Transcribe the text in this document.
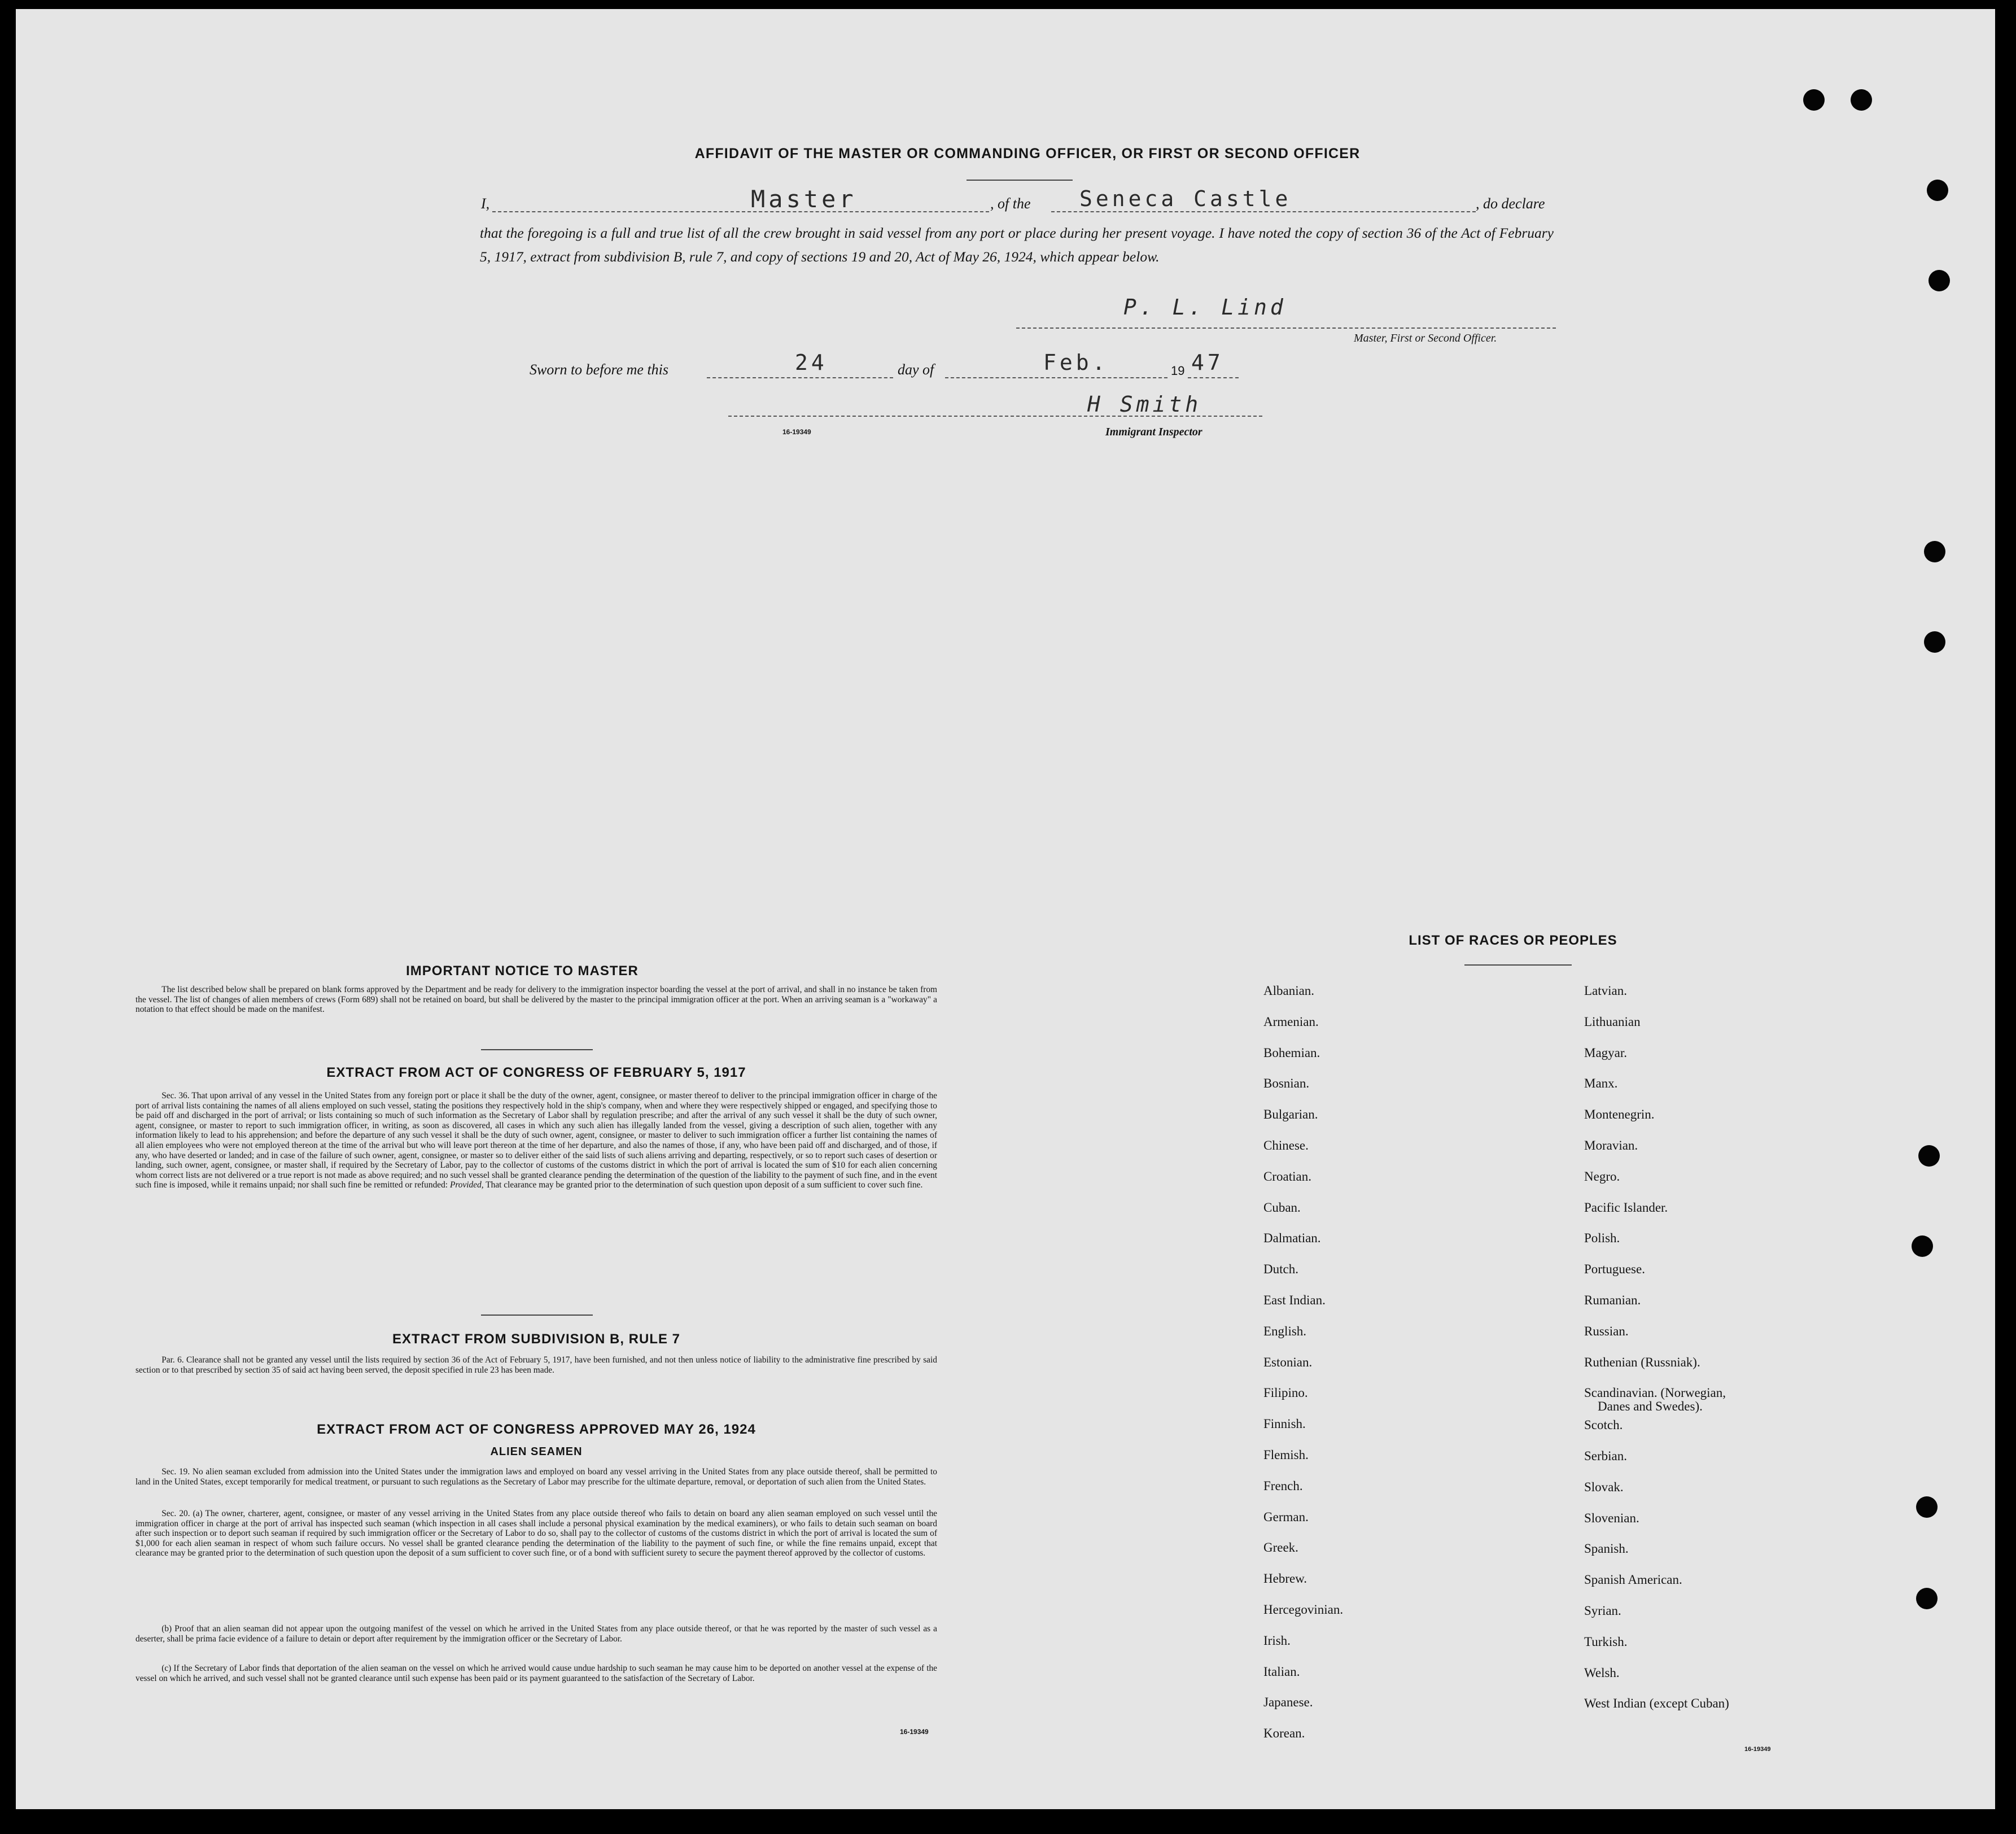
AFFIDAVIT OF THE MASTER OR COMMANDING OFFICER, OR FIRST OR SECOND OFFICER
I,	Master	, of the Seneca Castle	, do declare
that the foregoing is a full and true list of all the crew brought in said vessel from any port or place during her present voyage. I have noted the copy of section 36 of the Act of February 5, 1917, extract from subdivision B, rule 7, and copy of sections 19 and 20, Act of May 26, 1924, which appear below.
P. L. Lind
Master, First or Second Officer.
Sworn to before me this	24	day of	Feb.	19 47
H Smith
16-19349	Immigrant Inspector
IMPORTANT NOTICE TO MASTER
The list described below shall be prepared on blank forms approved by the Department and be ready for delivery to the immigration inspector boarding the vessel at the port of arrival, and shall in no instance be taken from the vessel. The list of changes of alien members of crews (Form 689) shall not be retained on board, but shall be delivered by the master to the principal immigration officer at the port. When an arriving seaman is a "workaway" a notation to that effect should be made on the manifest.
EXTRACT FROM ACT OF CONGRESS OF FEBRUARY 5, 1917
Sec. 36. That upon arrival of any vessel in the United States from any foreign port or place it shall be the duty of the owner, agent, consignee, or master thereof to deliver to the principal immigration officer in charge of the port of arrival lists containing the names of all aliens employed on such vessel, stating the positions they respectively hold in the ship's company, when and where they were respectively shipped or engaged, and specifying those to be paid off and discharged in the port of arrival; or lists containing so much of such information as the Secretary of Labor shall by regulation prescribe; and after the arrival of any such vessel it shall be the duty of such owner, agent, consignee, or master to report to such immigration officer, in writing, as soon as discovered, all cases in which any such alien has illegally landed from the vessel, giving a description of such alien, together with any information likely to lead to his apprehension; and before the departure of any such vessel it shall be the duty of such owner, agent, consignee, or master to deliver to such immigration officer a further list containing the names of all alien employees who were not employed thereon at the time of the arrival but who will leave port thereon at the time of her departure, and also the names of those, if any, who have been paid off and discharged, and of those, if any, who have deserted or landed; and in case of the failure of such owner, agent, consignee, or master so to deliver either of the said lists of such aliens arriving and departing, respectively, or so to report such cases of desertion or landing, such owner, agent, consignee, or master shall, if required by the Secretary of Labor, pay to the collector of customs of the customs district in which the port of arrival is located the sum of $10 for each alien concerning whom correct lists are not delivered or a true report is not made as above required; and no such vessel shall be granted clearance pending the determination of the question of the liability to the payment of such fine, and in the event such fine is imposed, while it remains unpaid; nor shall such fine be remitted or refunded: Provided, That clearance may be granted prior to the determination of such question upon deposit of a sum sufficient to cover such fine.
EXTRACT FROM SUBDIVISION B, RULE 7
Par. 6. Clearance shall not be granted any vessel until the lists required by section 36 of the Act of February 5, 1917, have been furnished, and not then unless notice of liability to the administrative fine prescribed by said section or to that prescribed by section 35 of said act having been served, the deposit specified in rule 23 has been made.
EXTRACT FROM ACT OF CONGRESS APPROVED MAY 26, 1924
ALIEN SEAMEN
Sec. 19. No alien seaman excluded from admission into the United States under the immigration laws and employed on board any vessel arriving in the United States from any place outside thereof, shall be permitted to land in the United States, except temporarily for medical treatment, or pursuant to such regulations as the Secretary of Labor may prescribe for the ultimate departure, removal, or deportation of such alien from the United States.
Sec. 20. (a) The owner, charterer, agent, consignee, or master of any vessel arriving in the United States from any place outside thereof who fails to detain on board any alien seaman employed on such vessel until the immigration officer in charge at the port of arrival has inspected such seaman (which inspection in all cases shall include a personal physical examination by the medical examiners), or who fails to detain such seaman on board after such inspection or to deport such seaman if required by such immigration officer or the Secretary of Labor to do so, shall pay to the collector of customs of the customs district in which the port of arrival is located the sum of $1,000 for each alien seaman in respect of whom such failure occurs. No vessel shall be granted clearance pending the determination of the liability to the payment of such fine, or while the fine remains unpaid, except that clearance may be granted prior to the determination of such question upon the deposit of a sum sufficient to cover such fine, or of a bond with sufficient surety to secure the payment thereof approved by the collector of customs.
(b) Proof that an alien seaman did not appear upon the outgoing manifest of the vessel on which he arrived in the United States from any place outside thereof, or that he was reported by the master of such vessel as a deserter, shall be prima facie evidence of a failure to detain or deport after requirement by the immigration officer or the Secretary of Labor.
(c) If the Secretary of Labor finds that deportation of the alien seaman on the vessel on which he arrived would cause undue hardship to such seaman he may cause him to be deported on another vessel at the expense of the vessel on which he arrived, and such vessel shall not be granted clearance until such expense has been paid or its payment guaranteed to the satisfaction of the Secretary of Labor.
16-19349
LIST OF RACES OR PEOPLES
Albanian.
Armenian.
Bohemian.
Bosnian.
Bulgarian.
Chinese.
Croatian.
Cuban.
Dalmatian.
Dutch.
East Indian.
English.
Estonian.
Filipino.
Finnish.
Flemish.
French.
German.
Greek.
Hebrew.
Hercegovinian.
Irish.
Italian.
Japanese.
Korean.
Latvian.
Lithuanian
Magyar.
Manx.
Montenegrin.
Moravian.
Negro.
Pacific Islander.
Polish.
Portuguese.
Rumanian.
Russian.
Ruthenian (Russniak).
Scandinavian. (Norwegian,
Danes and Swedes).
Scotch.
Serbian.
Slovak.
Slovenian.
Spanish.
Spanish American.
Syrian.
Turkish.
Welsh.
West Indian (except Cuban)
16-19349
